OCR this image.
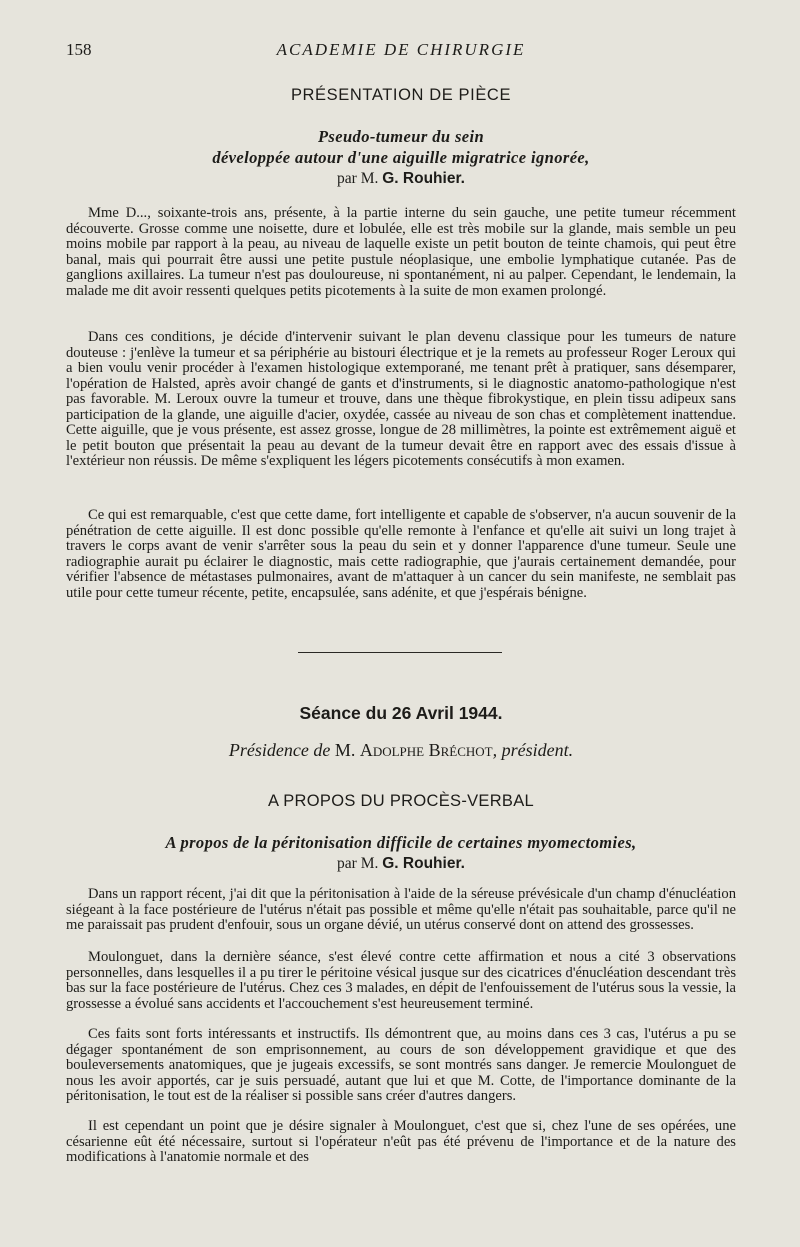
158	ACADEMIE DE CHIRURGIE
PRÉSENTATION DE PIÈCE
Pseudo-tumeur du sein
développée autour d'une aiguille migratrice ignorée,
par M. G. Rouhier.

Mme D..., soixante-trois ans, présente, à la partie interne du sein gauche, une petite tumeur récemment découverte. Grosse comme une noisette, dure et lobulée, elle est très mobile sur la glande, mais semble un peu moins mobile par rapport à la peau, au niveau de laquelle existe un petit bouton de teinte chamois, qui peut être banal, mais qui pourrait être aussi une petite pustule néoplasique, une embolie lymphatique cutanée. Pas de ganglions axillaires. La tumeur n'est pas douloureuse, ni spontanément, ni au palper. Cependant, le lendemain, la malade me dit avoir ressenti quelques petits picotements à la suite de mon examen prolongé.

Dans ces conditions, je décide d'intervenir suivant le plan devenu classique pour les tumeurs de nature douteuse : j'enlève la tumeur et sa périphérie au bistouri électrique et je la remets au professeur Roger Leroux qui a bien voulu venir procéder à l'examen histologique extemporané, me tenant prêt à pratiquer, sans désemparer, l'opération de Halsted, après avoir changé de gants et d'instruments, si le diagnostic anatomo-pathologique n'est pas favorable. M. Leroux ouvre la tumeur et trouve, dans une thèque fibrokystique, en plein tissu adipeux sans participation de la glande, une aiguille d'acier, oxydée, cassée au niveau de son chas et complètement inattendue. Cette aiguille, que je vous présente, est assez grosse, longue de 28 millimètres, la pointe est extrêmement aiguë et le petit bouton que présentait la peau au devant de la tumeur devait être en rapport avec des essais d'issue à l'extérieur non réussis. De même s'expliquent les légers picotements consécutifs à mon examen.

Ce qui est remarquable, c'est que cette dame, fort intelligente et capable de s'observer, n'a aucun souvenir de la pénétration de cette aiguille. Il est donc possible qu'elle remonte à l'enfance et qu'elle ait suivi un long trajet à travers le corps avant de venir s'arrêter sous la peau du sein et y donner l'apparence d'une tumeur. Seule une radiographie aurait pu éclairer le diagnostic, mais cette radiographie, que j'aurais certainement demandée, pour vérifier l'absence de métastases pulmonaires, avant de m'attaquer à un cancer du sein manifeste, ne semblait pas utile pour cette tumeur récente, petite, encapsulée, sans adénite, et que j'espérais bénigne.

Séance du 26 Avril 1944.
Présidence de M. Adolphe Bréchot, président.
A PROPOS DU PROCÈS-VERBAL
A propos de la péritonisation difficile de certaines myomectomies,
par M. G. Rouhier.

Dans un rapport récent, j'ai dit que la péritonisation à l'aide de la séreuse prévésicale d'un champ d'énucléation siégeant à la face postérieure de l'utérus n'était pas possible et même qu'elle n'était pas souhaitable, parce qu'il ne me paraissait pas prudent d'enfouir, sous un organe dévié, un utérus conservé dont on attend des grossesses.

Moulonguet, dans la dernière séance, s'est élevé contre cette affirmation et nous a cité 3 observations personnelles, dans lesquelles il a pu tirer le péritoine vésical jusque sur des cicatrices d'énucléation descendant très bas sur la face postérieure de l'utérus. Chez ces 3 malades, en dépit de l'enfouissement de l'utérus sous la vessie, la grossesse a évolué sans accidents et l'accouchement s'est heureusement terminé.

Ces faits sont forts intéressants et instructifs. Ils démontrent que, au moins dans ces 3 cas, l'utérus a pu se dégager spontanément de son emprisonnement, au cours de son développement gravidique et que des bouleversements anatomiques, que je jugeais excessifs, se sont montrés sans danger. Je remercie Moulonguet de nous les avoir apportés, car je suis persuadé, autant que lui et que M. Cotte, de l'importance dominante de la péritonisation, le tout est de la réaliser si possible sans créer d'autres dangers.

Il est cependant un point que je désire signaler à Moulonguet, c'est que si, chez l'une de ses opérées, une césarienne eût été nécessaire, surtout si l'opérateur n'eût pas été prévenu de l'importance et de la nature des modifications à l'anatomie normale et des
